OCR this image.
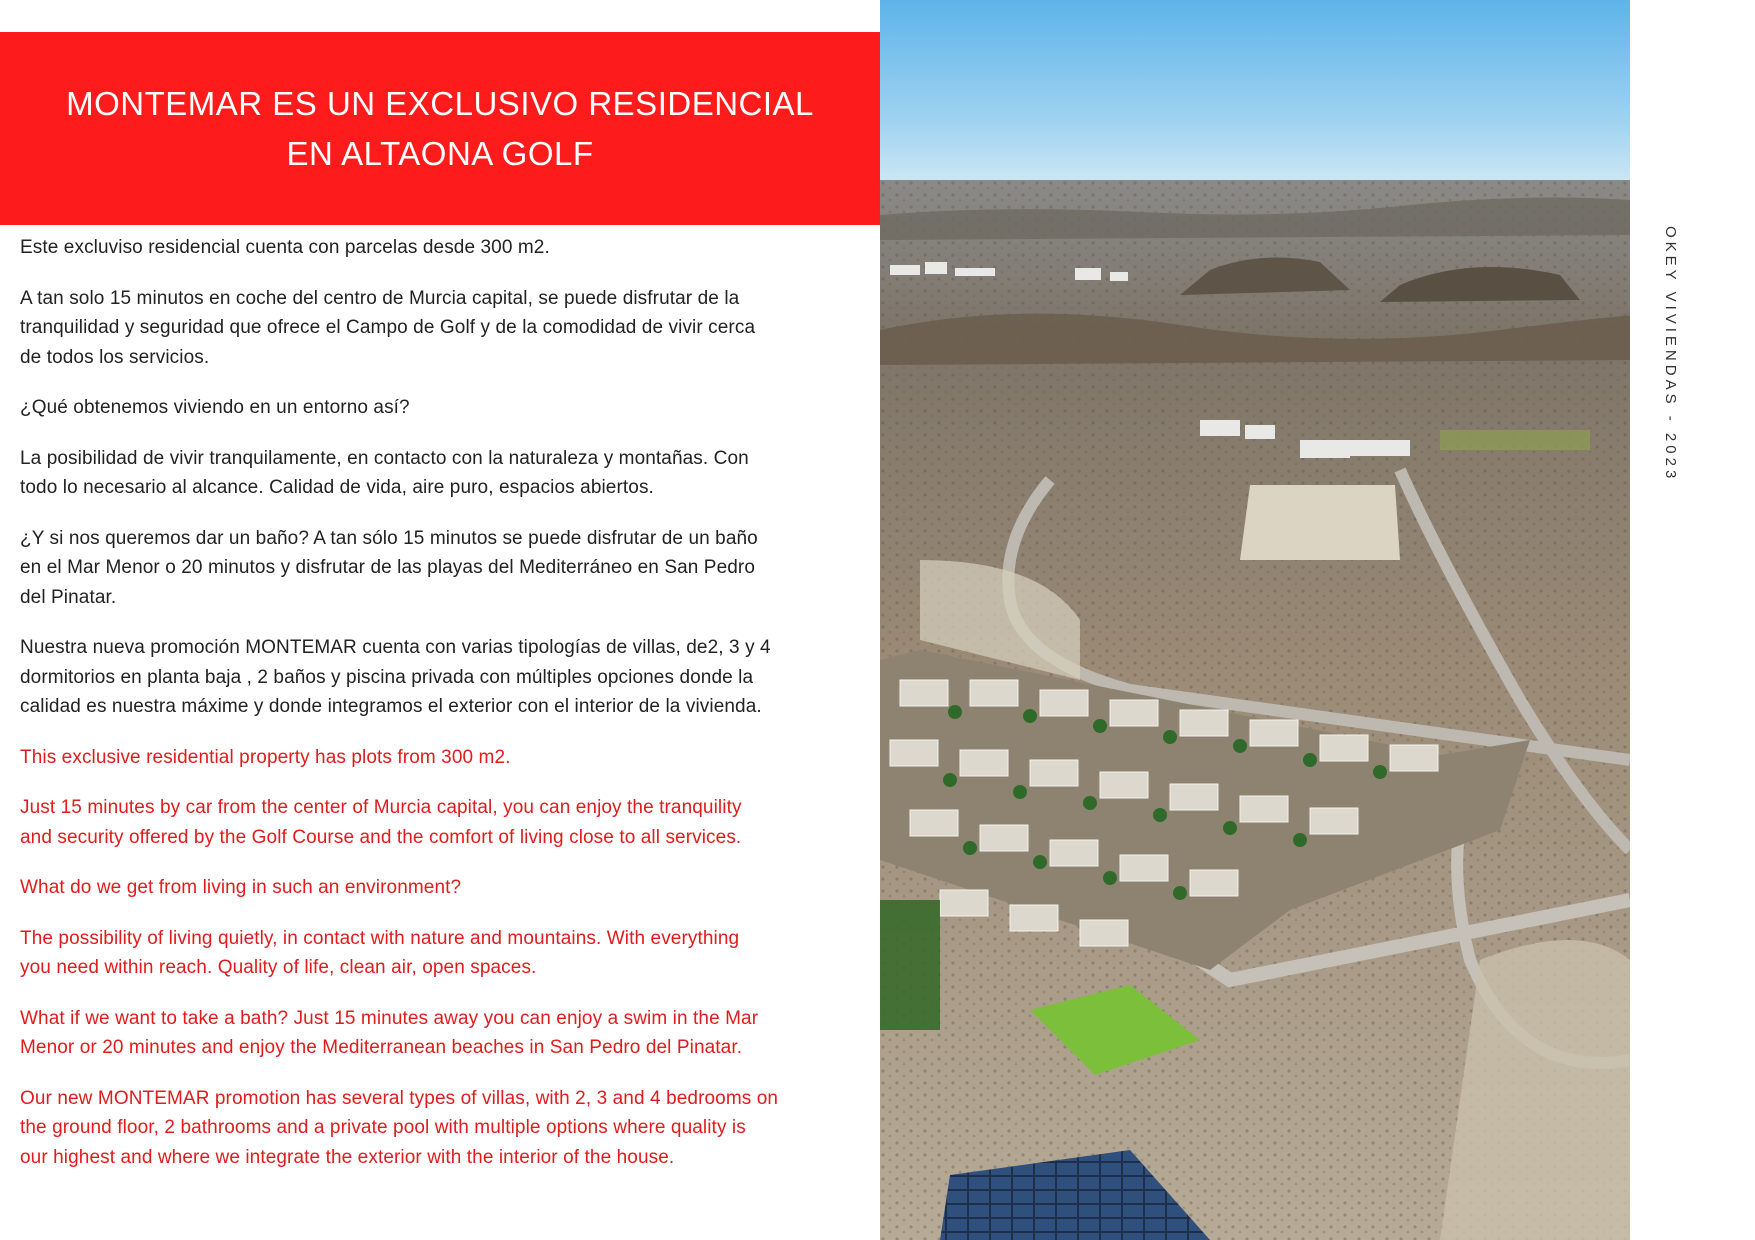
MONTEMAR ES UN EXCLUSIVO RESIDENCIAL
EN ALTAONA GOLF

Este excluviso residencial cuenta con parcelas desde 300 m2.

A tan solo 15 minutos en coche del centro de Murcia capital, se puede disfrutar de la
tranquilidad y seguridad que ofrece el Campo de Golf y de la comodidad de vivir cerca
de todos los servicios.

¿Qué obtenemos viviendo en un entorno así?

La posibilidad de vivir tranquilamente, en contacto con la naturaleza y montañas. Con
todo lo necesario al alcance. Calidad de vida, aire puro, espacios abiertos.

¿Y si nos queremos dar un baño? A tan sólo 15 minutos se puede disfrutar de un baño
en el Mar Menor o 20 minutos y disfrutar de las playas del Mediterráneo en San Pedro
del Pinatar.

Nuestra nueva promoción MONTEMAR cuenta con varias tipologías de villas, de2, 3 y 4
dormitorios en planta baja , 2 baños y piscina privada con múltiples opciones donde la
calidad es nuestra máxime y donde integramos el exterior con el interior de la vivienda.

This exclusive residential property has plots from 300 m2.

Just 15 minutes by car from the center of Murcia capital, you can enjoy the tranquility
and security offered by the Golf Course and the comfort of living close to all services.

What do we get from living in such an environment?

The possibility of living quietly, in contact with nature and mountains. With everything
you need within reach. Quality of life, clean air, open spaces.

What if we want to take a bath? Just 15 minutes away you can enjoy a swim in the Mar
Menor or 20 minutes and enjoy the Mediterranean beaches in San Pedro del Pinatar.

Our new MONTEMAR promotion has several types of villas, with 2, 3 and 4 bedrooms on
the ground floor, 2 bathrooms and a private pool with multiple options where quality is
our highest and where we integrate the exterior with the interior of the house.

OKEY VIVIENDAS - 2023
